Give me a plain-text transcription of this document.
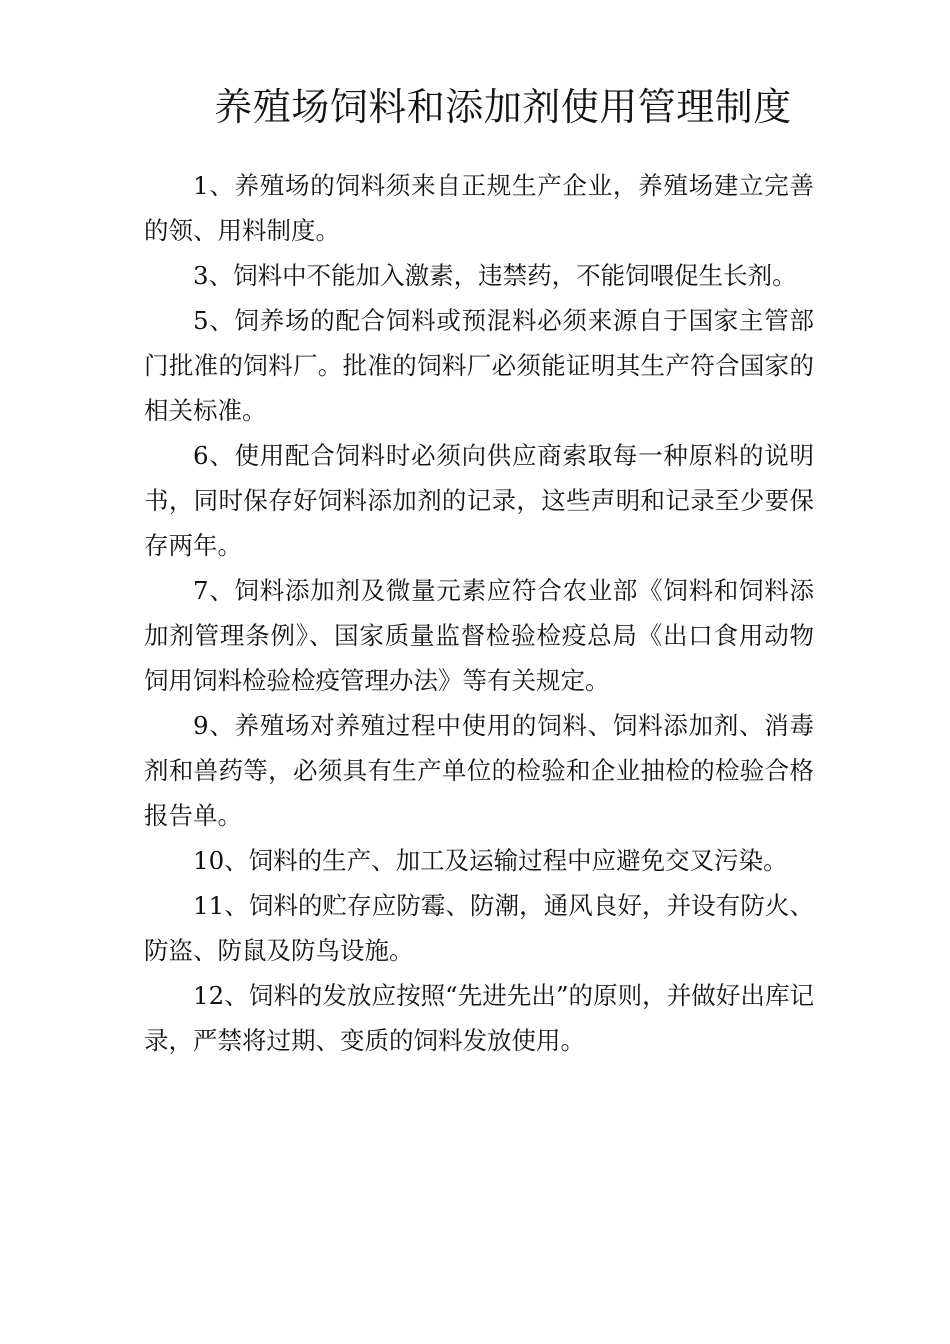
养殖场饲料和添加剂使用管理制度

1、养殖场的饲料须来自正规生产企业，养殖场建立完善的领、用料制度。

3、饲料中不能加入激素，违禁药，不能饲喂促生长剂。

5、饲养场的配合饲料或预混料必须来源自于国家主管部门批准的饲料厂。批准的饲料厂必须能证明其生产符合国家的相关标准。

6、使用配合饲料时必须向供应商索取每一种原料的说明书，同时保存好饲料添加剂的记录，这些声明和记录至少要保存两年。

7、饲料添加剂及微量元素应符合农业部《饲料和饲料添加剂管理条例》、国家质量监督检验检疫总局《出口食用动物饲用饲料检验检疫管理办法》等有关规定。

9、养殖场对养殖过程中使用的饲料、饲料添加剂、消毒剂和兽药等，必须具有生产单位的检验和企业抽检的检验合格报告单。

10、饲料的生产、加工及运输过程中应避免交叉污染。

11、饲料的贮存应防霉、防潮，通风良好，并设有防火、防盗、防鼠及防鸟设施。

12、饲料的发放应按照“先进先出”的原则，并做好出库记录，严禁将过期、变质的饲料发放使用。
